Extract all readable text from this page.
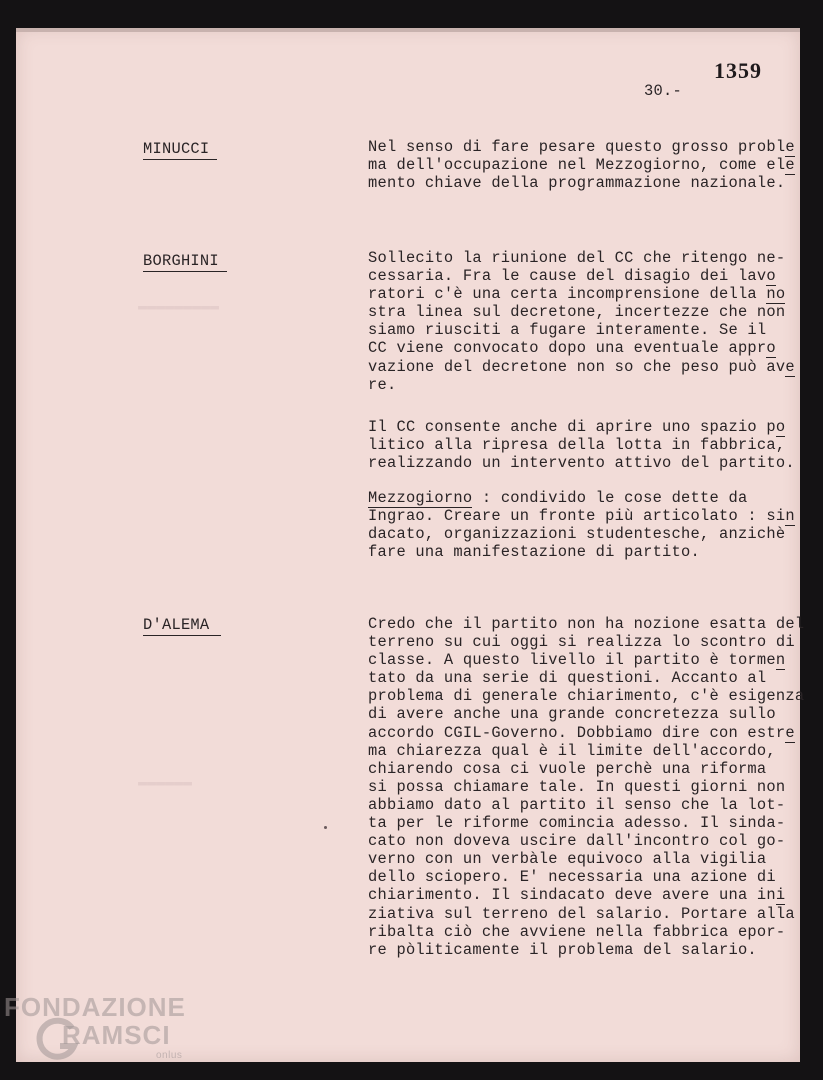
▬▬▬▬▬▬▬▬▬
▬▬▬▬▬▬
1359
30.-
MINUCCI
BORGHINI
D'ALEMA
Nel senso di fare pesare questo grosso proble
ma dell'occupazione nel Mezzogiorno, come ele
mento chiave della programmazione nazionale.
Sollecito la riunione del CC che ritengo ne-
cessaria. Fra le cause del disagio dei lavo
ratori c'è una certa incomprensione della no
stra linea sul decretone, incertezze che non
siamo riusciti a fugare interamente. Se il
CC viene convocato dopo una eventuale appro
vazione del decretone non so che peso può ave
re.
Il CC consente anche di aprire uno spazio po
litico alla ripresa della lotta in fabbrica,
realizzando un intervento attivo del partito.
Mezzogiorno : condivido le cose dette da
Ingrao. Creare un fronte più articolato : sin
dacato, organizzazioni studentesche, anzichè
fare una manifestazione di partito.
Credo che il partito non ha nozione esatta del
terreno su cui oggi si realizza lo scontro di
classe. A questo livello il partito è tormen
tato da una serie di questioni. Accanto al
problema di generale chiarimento, c'è esigenza
di avere anche una grande concretezza sullo
accordo CGIL-Governo. Dobbiamo dire con estre
ma chiarezza qual è il limite dell'accordo,
chiarendo cosa ci vuole perchè una riforma
si possa chiamare tale. In questi giorni non
abbiamo dato al partito il senso che la lot-
ta per le riforme comincia adesso. Il sinda-
cato non doveva uscire dall'incontro col go-
verno con un verbàle equivoco alla vigilia
dello sciopero. E' necessaria una azione di
chiarimento. Il sindacato deve avere una ini
ziativa sul terreno del salario. Portare alla
ribalta ciò che avviene nella fabbrica epor-
re pòliticamente il problema del salario.
FONDAZIONE
RAMSCI
onlus
